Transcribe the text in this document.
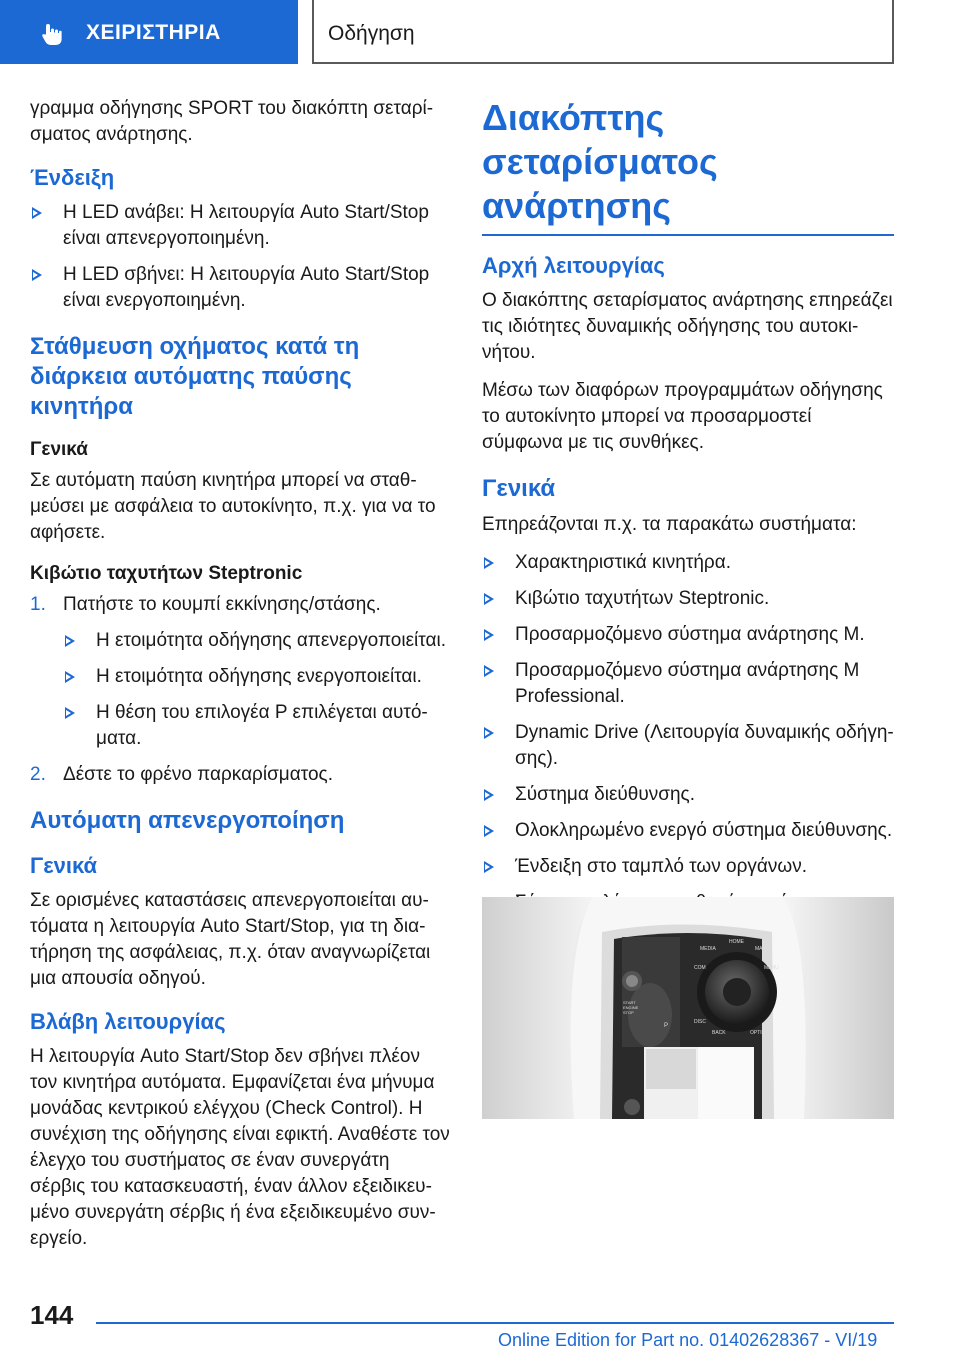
ΧΕΙΡΙΣΤΗΡΙΑ	Οδήγηση

γραμμα οδήγησης SPORT του διακόπτη σεταρίσματος ανάρτησης.

Ένδειξη
Η LED ανάβει: Η λειτουργία Auto Start/Stop είναι απενεργοποιημένη.
Η LED σβήνει: Η λειτουργία Auto Start/Stop είναι ενεργοποιημένη.
Στάθμευση οχήματος κατά τη διάρκεια αυτόματης παύσης κινητήρα
Γενικά

Σε αυτόματη παύση κινητήρα μπορεί να σταθμεύσει με ασφάλεια το αυτοκίνητο, π.χ. για να το αφήσετε.

Κιβώτιο ταχυτήτων Steptronic
1. Πατήστε το κουμπί εκκίνησης/στάσης.
Η ετοιμότητα οδήγησης απενεργοποιείται.
Η ετοιμότητα οδήγησης ενεργοποιείται.
Η θέση του επιλογέα P επιλέγεται αυτόματα.
2. Δέστε το φρένο παρκαρίσματος.
Αυτόματη απενεργοποίηση
Γενικά

Σε ορισμένες καταστάσεις απενεργοποιείται αυτόματα η λειτουργία Auto Start/Stop, για τη διατήρηση της ασφάλειας, π.χ. όταν αναγνωρίζεται μια απουσία οδηγού.

Βλάβη λειτουργίας

Η λειτουργία Auto Start/Stop δεν σβήνει πλέον τον κινητήρα αυτόματα. Εμφανίζεται ένα μήνυμα μονάδας κεντρικού ελέγχου (Check Control). Η συνέχιση της οδήγησης είναι εφικτή. Αναθέστε τον έλεγχο του συστήματος σε έναν συνεργάτη σέρβις του κατασκευαστή, έναν άλλον εξειδικευμένο συνεργάτη σέρβις ή ένα εξειδικευμένο συνεργείο.

Διακόπτης σεταρίσματος ανάρτησης
Αρχή λειτουργίας

Ο διακόπτης σεταρίσματος ανάρτησης επηρεάζει τις ιδιότητες δυναμικής οδήγησης του αυτοκινήτου.

Μέσω των διαφόρων προγραμμάτων οδήγησης το αυτοκίνητο μπορεί να προσαρμοστεί σύμφωνα με τις συνθήκες.

Γενικά

Επηρεάζονται π.χ. τα παρακάτω συστήματα:

Χαρακτηριστικά κινητήρα.
Κιβώτιο ταχυτήτων Steptronic.
Προσαρμοζόμενο σύστημα ανάρτησης M.
Προσαρμοζόμενο σύστημα ανάρτησης M Professional.
Dynamic Drive (Λειτουργία δυναμικής οδήγησης).
Σύστημα διεύθυνσης.
Ολοκληρωμένο ενεργό σύστημα διεύθυνσης.
Ένδειξη στο ταμπλό των οργάνων.
MEDIA
HOME
MAP
COM	MENU
DISC
BACK	OPTION
START ENGINE STOP
P
144
Online Edition for Part no. 01402628367 - VI/19
